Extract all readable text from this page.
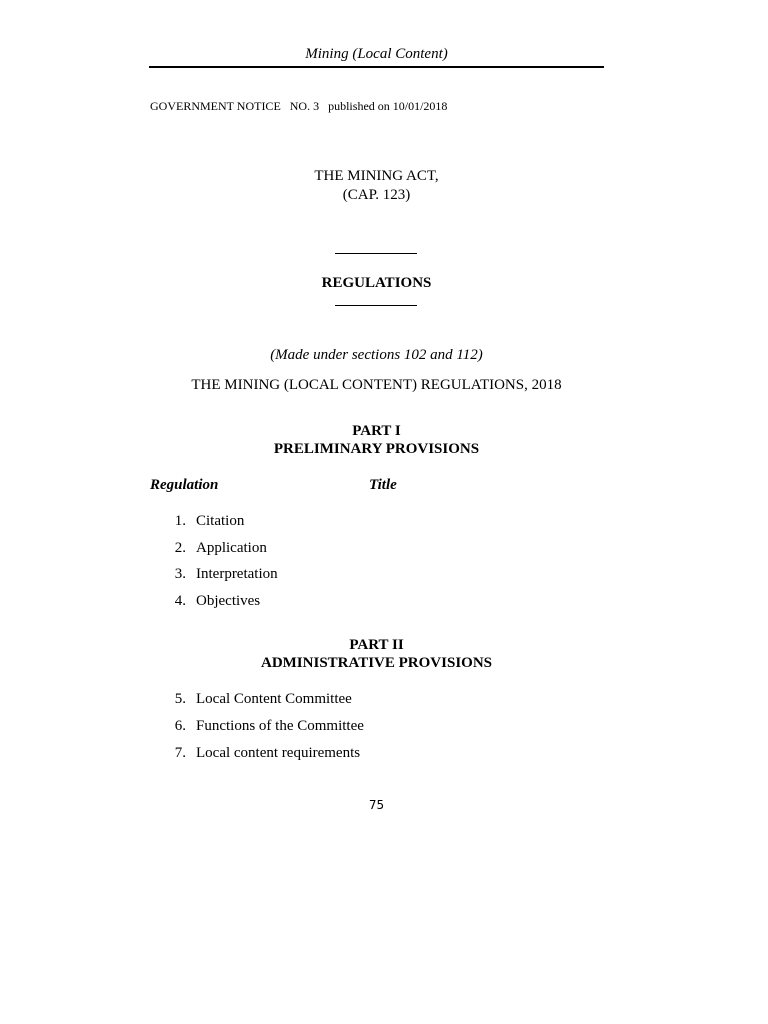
Mining (Local Content)
GOVERNMENT NOTICE   NO. 3   published on 10/01/2018
THE MINING ACT,
(CAP. 123)
REGULATIONS
(Made under sections 102 and 112)
THE MINING (LOCAL CONTENT) REGULATIONS, 2018
PART I
PRELIMINARY PROVISIONS
Regulation	Title
1. Citation
2. Application
3. Interpretation
4. Objectives
PART II
ADMINISTRATIVE PROVISIONS
5. Local Content Committee
6. Functions of the Committee
7. Local content requirements
75
